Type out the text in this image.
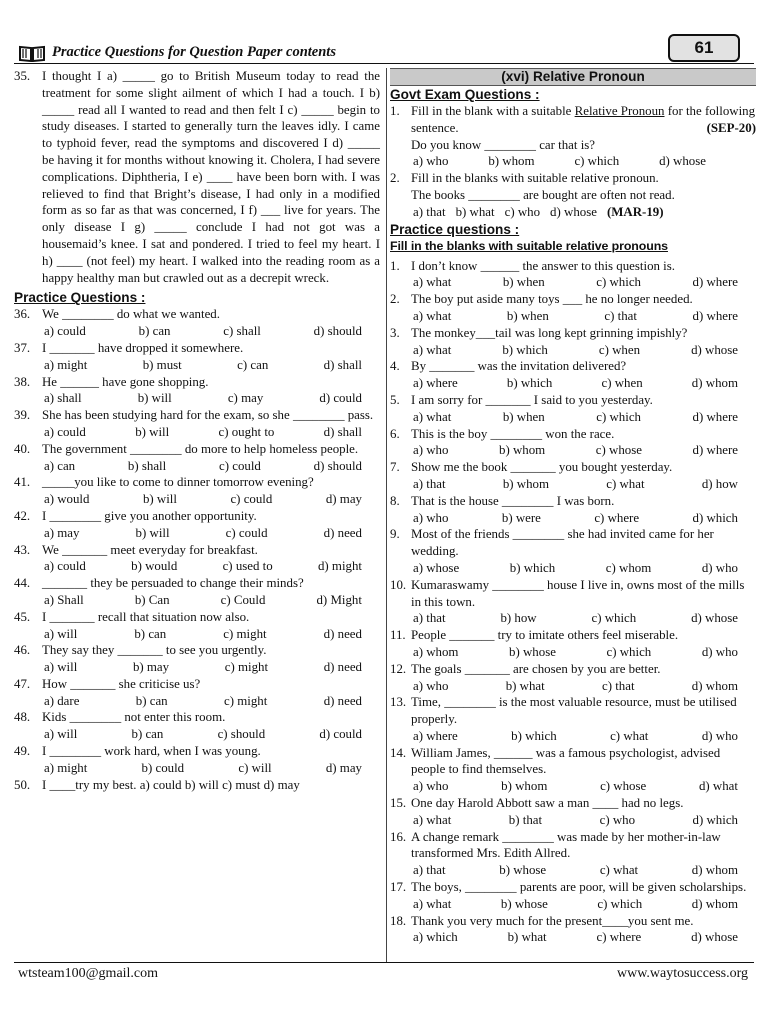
Practice Questions for Question Paper contents	61
35. I thought I a) _____ go to British Museum today to read the treatment for some slight ailment of which I had a touch. I b) _____ read all I wanted to read and then felt I c) _____ begin to study diseases. I started to generally turn the leaves idly. I came to typhoid fever, read the symptoms and discovered I d) _____ be having it for months without knowing it. Cholera, I had severe complications. Diphtheria, I e) ____ have been born with. I was relieved to find that Bright’s disease, I had only in a modified form as so far as that was concerned, I f) ___ live for years. The only disease I g) _____ conclude I had not got was a housemaid’s knee. I sat and pondered. I tried to feel my heart. I h) ____ (not feel) my heart. I walked into the reading room as a happy healthy man but crawled out as a decrepit wreck.
Practice Questions :
36. We ________ do what we wanted.
a) could	b) can	c) shall	d) should
37. I _______ have dropped it somewhere.
a) might	b) must	c) can	d) shall
38. He ______ have gone shopping.
a) shall	b) will	c) may	d) could
39. She has been studying hard for the exam, so she ________ pass.
a) could	b) will	c) ought to	d) shall
40. The government ________ do more to help homeless people.
a) can	b) shall	c) could	d) should
41. _____you like to come to dinner tomorrow evening?
a) would	b) will	c) could	d) may
42. I ________ give you another opportunity.
a) may	b) will	c) could	d) need
43. We _______ meet everyday for breakfast.
a) could	b) would	c) used to	d) might
44. _______ they be persuaded to change their minds?
a) Shall	b) Can	c) Could	d) Might
45. I _______ recall that situation now also.
a) will	b) can	c) might	d) need
46. They say they _______ to see you urgently.
a) will	b) may	c) might	d) need
47. How _______ she criticise us?
a) dare	b) can	c) might	d) need
48. Kids ________ not enter this room.
a) will	b) can	c) should	d) could
49. I ________ work hard, when I was young.
a) might	b) could	c) will	d) may
50. I ____try my best. a) could b) will c) must d) may
(xvi) Relative Pronoun
Govt Exam Questions :
1. Fill in the blank with a suitable Relative Pronoun for the following sentence.	(SEP-20)
Do you know ________ car that is?
a) who	b) whom	c) which	d) whose
2. Fill in the blanks with suitable relative pronoun.
The books ________ are bought are often not read.
a) that b) what c) who d) whose (MAR-19)
Practice questions :
Fill in the blanks with suitable relative pronouns
1. I don’t know ______ the answer to this question is.
a) what	b) when	c) which	d) where
2. The boy put aside many toys ___ he no longer needed.
a) what	b) when	c) that	d) where
3. The monkey___tail was long kept grinning impishly?
a) what	b) which	c) when	d) whose
4. By _______ was the invitation delivered?
a) where	b) which	c) when	d) whom
5. I am sorry for _______ I said to you yesterday.
a) what	b) when	c) which	d) where
6. This is the boy ________ won the race.
a) who	b) whom	c) whose	d) where
7. Show me the book _______ you bought yesterday.
a) that	b) whom	c) what	d) how
8. That is the house ________ I was born.
a) who	b) were	c) where	d) which
9. Most of the friends ________ she had invited came for her wedding.
a) whose	b) which	c) whom	d) who
10. Kumaraswamy ________ house I live in, owns most of the mills in this town.
a) that	b) how	c) which	d) whose
11. People _______ try to imitate others feel miserable.
a) whom	b) whose	c) which	d) who
12. The goals _______ are chosen by you are better.
a) who	b) what	c) that	d) whom
13. Time, ________ is the most valuable resource, must be utilised properly.
a) where	b) which	c) what	d) who
14. William James, ______ was a famous psychologist, advised people to find themselves.
a) who	b) whom	c) whose	d) what
15. One day Harold Abbott saw a man ____ had no legs.
a) what	b) that	c) who	d) which
16. A change remark ________ was made by her mother-in-law transformed Mrs. Edith Allred.
a) that	b) whose	c) what	d) whom
17. The boys, ________ parents are poor, will be given scholarships.
a) what	b) whose	c) which	d) whom
18. Thank you very much for the present____you sent me.
a) which	b) what	c) where	d) whose
wtsteam100@gmail.com	www.waytosuccess.org
